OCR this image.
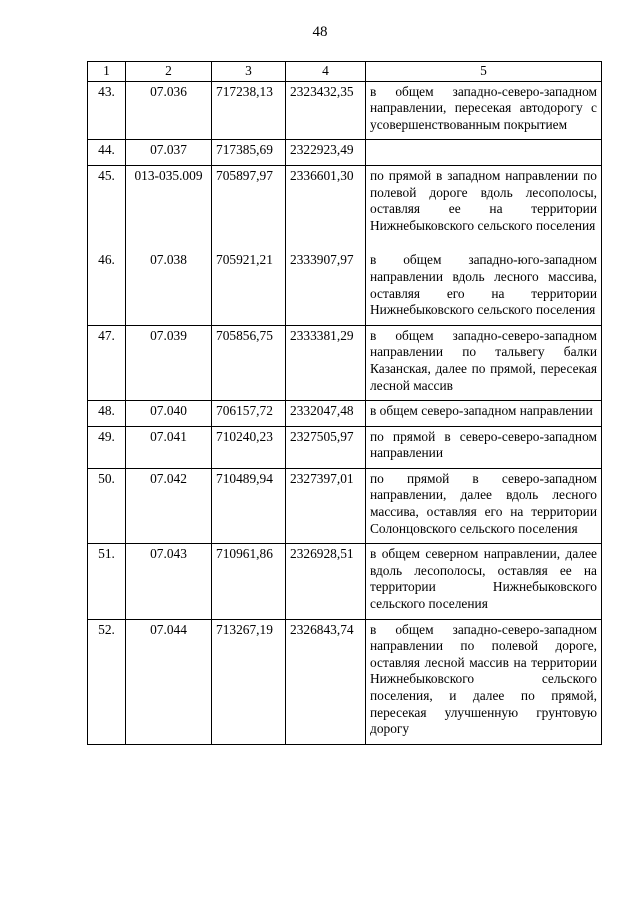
48
1	2	3	4	5
43.	07.036	717238,13	2323432,35	в общем западно-северо-западном направлении, пересекая автодорогу с усовершенствованным покрытием
44.	07.037	717385,69	2322923,49	
45.	013-035.009	705897,97	2336601,30	по прямой в западном направлении по полевой дороге вдоль лесополосы, оставляя ее на территории Нижнебыковского сельского поселения
46.	07.038	705921,21	2333907,97	в общем западно-юго-западном направлении вдоль лесного массива, оставляя его на территории Нижнебыковского сельского поселения
47.	07.039	705856,75	2333381,29	в общем западно-северо-западном направлении по тальвегу балки Казанская, далее по прямой, пересекая лесной массив
48.	07.040	706157,72	2332047,48	в общем северо-западном направлении
49.	07.041	710240,23	2327505,97	по прямой в северо-северо-западном направлении
50.	07.042	710489,94	2327397,01	по прямой в северо-западном направлении, далее вдоль лесного массива, оставляя его на территории Солонцовского сельского поселения
51.	07.043	710961,86	2326928,51	в общем северном направлении, далее вдоль лесополосы, оставляя ее на территории Нижнебыковского сельского поселения
52.	07.044	713267,19	2326843,74	в общем западно-северо-западном направлении по полевой дороге, оставляя лесной массив на территории Нижнебыковского сельского поселения, и далее по прямой, пересекая улучшенную грунтовую дорогу
